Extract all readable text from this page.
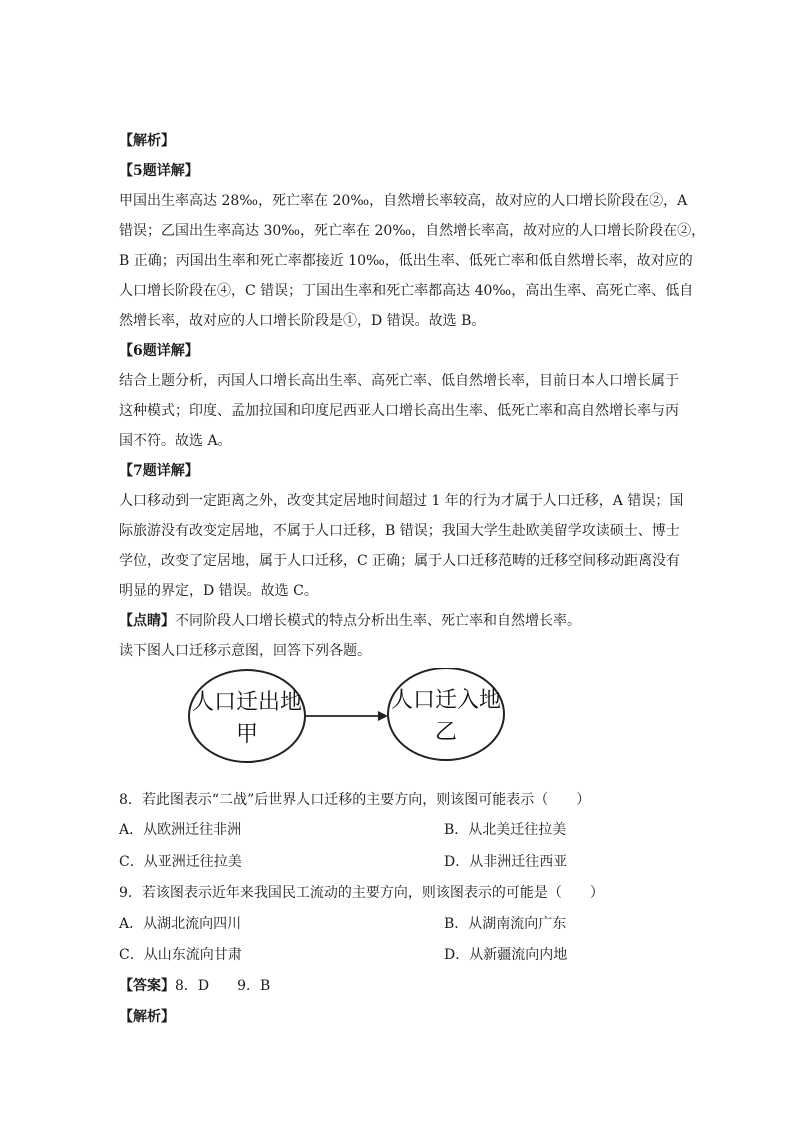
【解析】
【5题详解】
甲国出生率高达 28‰，死亡率在 20‰，自然增长率较高，故对应的人口增长阶段在②，A
错误；乙国出生率高达 30‰，死亡率在 20‰，自然增长率高，故对应的人口增长阶段在②，
B 正确；丙国出生率和死亡率都接近 10‰，低出生率、低死亡率和低自然增长率，故对应的
人口增长阶段在④，C 错误；丁国出生率和死亡率都高达 40‰，高出生率、高死亡率、低自
然增长率，故对应的人口增长阶段是①，D 错误。故选 B。
【6题详解】
结合上题分析，丙国人口增长高出生率、高死亡率、低自然增长率，目前日本人口增长属于
这种模式；印度、孟加拉国和印度尼西亚人口增长高出生率、低死亡率和高自然增长率与丙
国不符。故选 A。
【7题详解】
人口移动到一定距离之外，改变其定居地时间超过 1 年的行为才属于人口迁移，A 错误；国
际旅游没有改变定居地，不属于人口迁移，B 错误；我国大学生赴欧美留学攻读硕士、博士
学位，改变了定居地，属于人口迁移，C 正确；属于人口迁移范畴的迁移空间移动距离没有
明显的界定，D 错误。故选 C。
【点睛】不同阶段人口增长模式的特点分析出生率、死亡率和自然增长率。
读下图人口迁移示意图，回答下列各题。
人口迁出地
甲
人口迁入地
乙
8．若此图表示“二战”后世界人口迁移的主要方向，则该图可能表示（　　）
A．从欧洲迁往非洲	B．从北美迁往拉美
C．从亚洲迁往拉美	D．从非洲迁往西亚
9．若该图表示近年来我国民工流动的主要方向，则该图表示的可能是（　　）
A．从湖北流向四川	B．从湖南流向广东
C．从山东流向甘肃	D．从新疆流向内地
【答案】8．D　　9．B
【解析】
